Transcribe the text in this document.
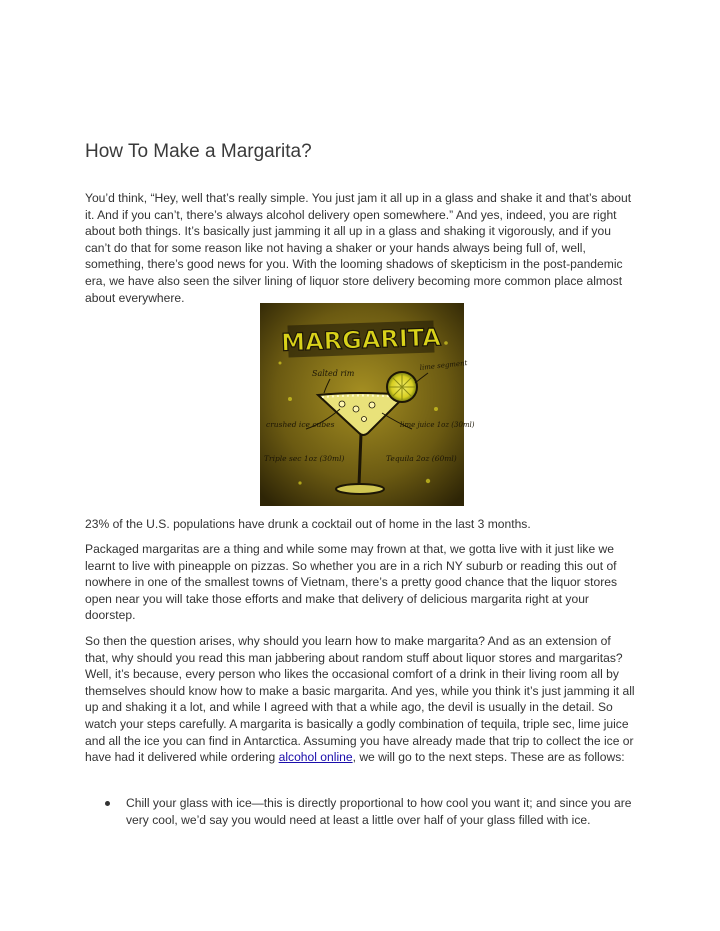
How To Make a Margarita?

You’d think, “Hey, well that’s really simple. You just jam it all up in a glass and shake it and that’s about it. And if you can’t, there’s always alcohol delivery open somewhere.” And yes, indeed, you are right about both things. It’s basically just jamming it all up in a glass and shaking it vigorously, and if you can’t do that for some reason like not having a shaker or your hands always being full of, well, something, there’s good news for you. With the looming shadows of skepticism in the post-pandemic era, we have also seen the silver lining of liquor store delivery becoming more common place almost about everywhere.

MARGARITA
Salted rim
lime segment
crushed ice cubes	lime juice 1oz (30ml)
Triple sec 1oz (30ml)	Tequila 2oz (60ml)

23% of the U.S. populations have drunk a cocktail out of home in the last 3 months.

Packaged margaritas are a thing and while some may frown at that, we gotta live with it just like we learnt to live with pineapple on pizzas. So whether you are in a rich NY suburb or reading this out of nowhere in one of the smallest towns of Vietnam, there’s a pretty good chance that the liquor stores open near you will take those efforts and make that delivery of delicious margarita right at your doorstep.

So then the question arises, why should you learn how to make margarita? And as an extension of that, why should you read this man jabbering about random stuff about liquor stores and margaritas? Well, it’s because, every person who likes the occasional comfort of a drink in their living room all by themselves should know how to make a basic margarita. And yes, while you think it’s just jamming it all up and shaking it a lot, and while I agreed with that a while ago, the devil is usually in the detail. So watch your steps carefully. A margarita is basically a godly combination of tequila, triple sec, lime juice and all the ice you can find in Antarctica. Assuming you have already made that trip to collect the ice or have had it delivered while ordering alcohol online, we will go to the next steps. These are as follows:

Chill your glass with ice—this is directly proportional to how cool you want it; and since you are very cool, we’d say you would need at least a little over half of your glass filled with ice.
